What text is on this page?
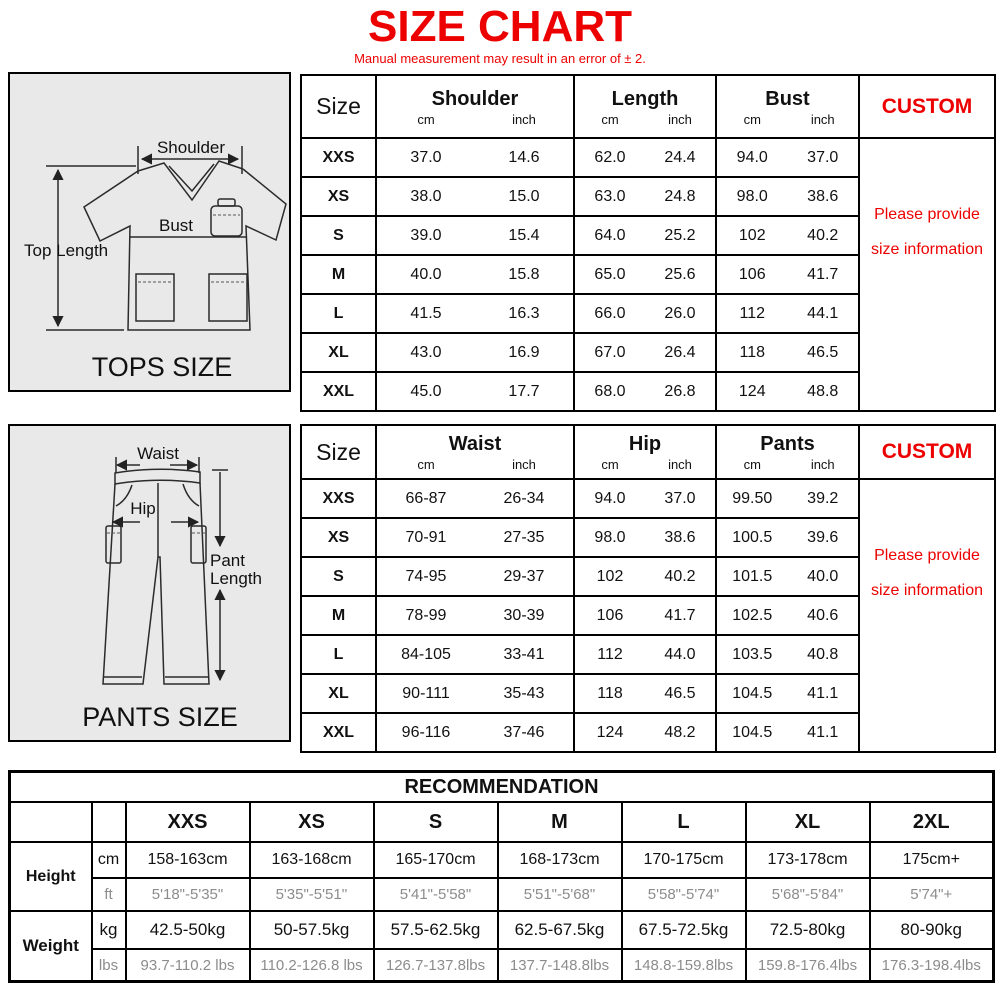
SIZE CHART
Manual measurement may result in an error of ± 2.
Shoulder
Bust
Top Length
TOPS SIZE
Waist
Hip
Pant
Length
PANTS SIZE
Size	Shoulder
cm	inch

Length
cm	inch

Bust
cm	inch
	CUSTOM
XXS	37.0	14.6	62.0	24.4	94.0	37.0

Please provide
size information

XS	38.0 15.0	63.0 24.8	98.0 38.6	

S	39.0 15.4	64.0 25.2	102 40.2	

M	40.0 15.8	65.0 25.6	106 41.7	

L	41.5 16.3	66.0 26.0	112 44.1	

XL	43.0 16.9	67.0 26.4	118 46.5	

XXL	45.0 17.7	68.0 26.8	124 48.8	
Size	Waist
cm	inch

Hip
cm	inch

Pants
cm	inch
	CUSTOM
XXS	66-87	26-34	94.0	37.0	99.50	39.2

Please provide
size information

XS	70-91 27-35	98.0 38.6	100.5 39.6	

S	74-95 29-37	102 40.2	101.5 40.0	

M	78-99 30-39	106 41.7	102.5 40.6	

L	84-105 33-41	112 44.0	103.5 40.8	

XL	90-111 35-43	118 46.5	104.5 41.1	

XXL	96-116 37-46	124 48.2	104.5 41.1	
RECOMMENDATION								
		XXS	XS	S	M	L	XL	2XL
Height	cm	158-163cm	163-168cm	165-170cm	168-173cm	170-175cm	173-178cm	175cm+
	ft	5'18"-5'35"	5'35"-5'51''	5'41"-5'58"	5'51"-5'68"	5'58"-5'74"	5'68"-5'84"	5'74"+
Weight	kg	42.5-50kg	50-57.5kg	57.5-62.5kg	62.5-67.5kg	67.5-72.5kg	72.5-80kg	80-90kg
	lbs	93.7-110.2 lbs	110.2-126.8 lbs	126.7-137.8lbs	137.7-148.8lbs	148.8-159.8lbs	159.8-176.4lbs	176.3-198.4lbs
